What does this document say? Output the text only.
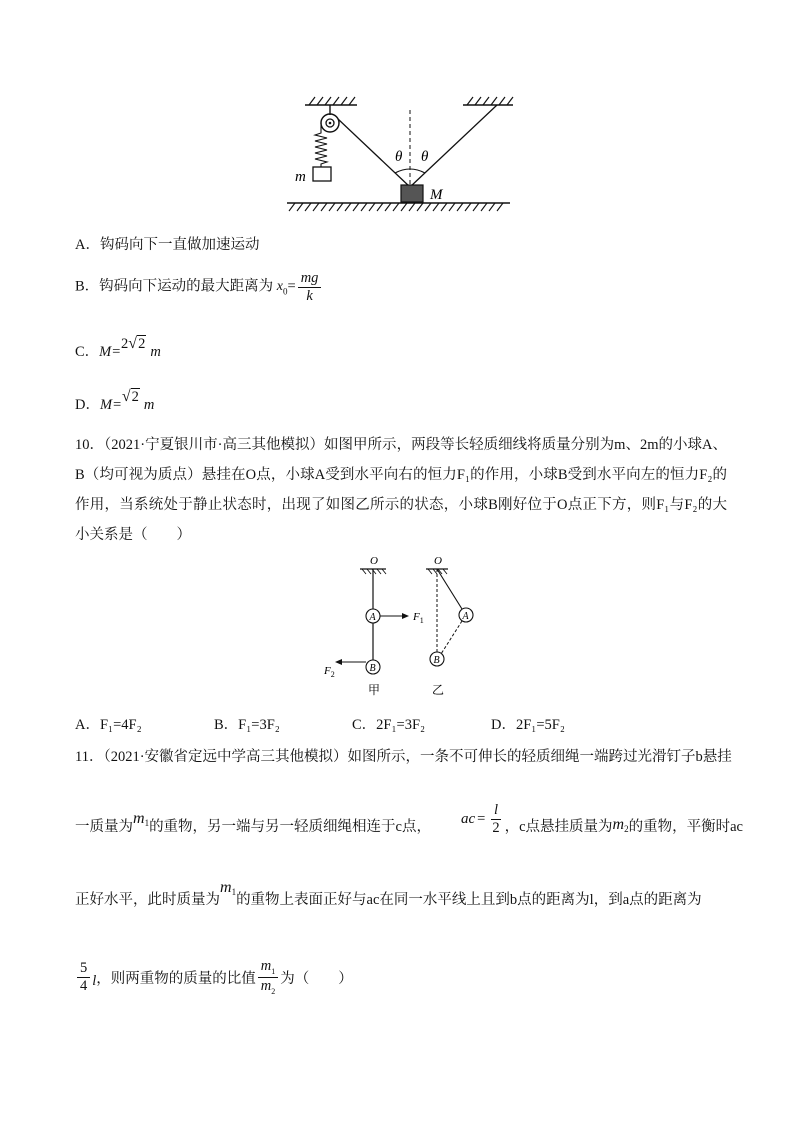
m
θ θ
M
A．钩码向下一直做加速运动
B．钩码向下运动的最大距离为 $x_0= \frac{mg}{k}$
C．M=2√2 m
D．M=√2 m
10．（2021·宁夏银川市·高三其他模拟）如图甲所示，两段等长轻质细线将质量分别为m、2m的小球A、B（均可视为质点）悬挂在O点，小球A受到水平向右的恒力F₁的作用，小球B受到水平向左的恒力F₂的作用，当系统处于静止状态时，出现了如图乙所示的状态，小球B刚好位于O点正下方，则F₁与F₂的大小关系是（　　）
O
A	$F_1$
B
$F_2$
甲
O
A
B
乙
A．F₁=4F₂	B．F₁=3F₂	C．2F₁=3F₂	D．2F₁=5F₂
11．（2021·安徽省定远中学高三其他模拟）如图所示，一条不可伸长的轻质细绳一端跨过光滑钉子b悬挂
一质量为 m 1 的重物，另一端与另一轻质细绳相连于c点， ac = $\frac{l}{2}$ ，c点悬挂质量为 m 2 的重物，平衡时ac
正好水平，此时质量为
m 1 的重物上表面正好与ac在同一水平线上且到b点的距离为l，到a点的距离为
$\frac{5}{4}$ l ，则两重物的质量的比值 $\frac{m_1}{m_2}$ 为（　　）
